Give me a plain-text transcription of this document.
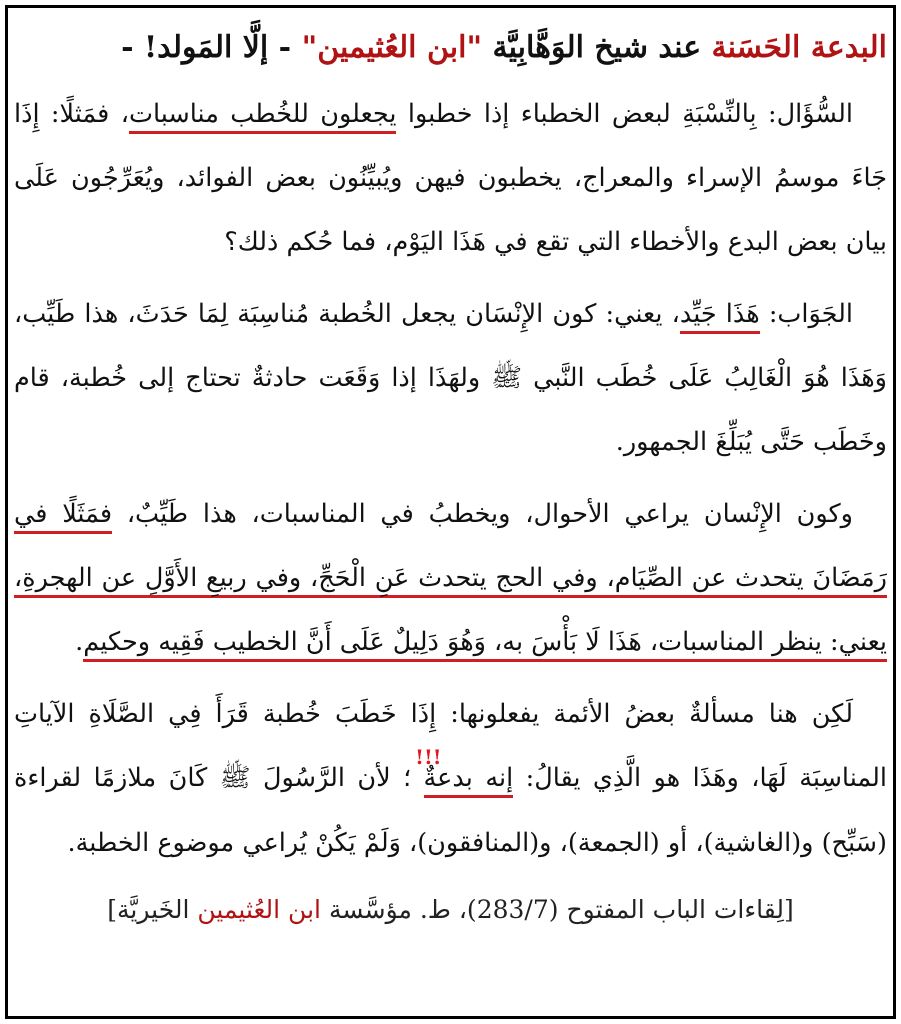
البدعة الحَسَنة عند شيخ الوَهَّابِيَّة "ابن العُثيمين" - إلَّا المَولد! -

السُّؤَال: بِالنِّسْبَةِ لبعض الخطباء إذا خطبوا يجعلون للخُطب مناسبات، فمَثلًا: إِذَا جَاءَ موسمُ الإسراء والمعراج، يخطبون فيهن ويُبيِّنُون بعض الفوائد، ويُعَرِّجُون عَلَى بيان بعض البدع والأخطاء التي تقع في هَذَا اليَوْم، فما حُكم ذلك؟

الجَوَاب: هَذَا جَيِّد، يعني: كون الإِنْسَان يجعل الخُطبة مُناسِبَة لِمَا حَدَثَ، هذا طَيِّب، وَهَذَا هُوَ الْغَالِبُ عَلَى خُطَب النَّبي ﷺ ولهَذَا إذا وَقَعَت حادثةٌ تحتاج إلى خُطبة، قام وخَطَب حَتَّى يُبَلِّغَ الجمهور.

وكون الإِنْسان يراعي الأحوال، ويخطبُ في المناسبات، هذا طَيِّبٌ، فمَثَلًا في رَمَضَانَ يتحدث عن الصِّيَام، وفي الحج يتحدث عَنِ الْحَجِّ، وفي ربيعِ الأَوَّلِ عن الهجرةِ، يعني: ينظر المناسبات، هَذَا لَا بَأْسَ به، وَهُوَ دَلِيلٌ عَلَى أَنَّ الخطيب فَقِيه وحكيم.

لَكِن هنا مسألةٌ بعضُ الأئمة يفعلونها: إِذَا خَطَبَ خُطبة قَرَأَ فِي الصَّلَاةِ الآياتِ المناسِبَة لَهَا، وهَذَا هو الَّذِي يقالُ: إنه بدعةٌ!!!؛ لأن الرَّسُولَ ﷺ كَانَ ملازمًا لقراءة (سَبِّح) و(الغاشية)، أو (الجمعة)، و(المنافقون)، وَلَمْ يَكُنْ يُراعي موضوع الخطبة.

[لِقاءات الباب المفتوح (283/7)، ط. مؤسَّسة ابن العُثيمين الخَيريَّة]
